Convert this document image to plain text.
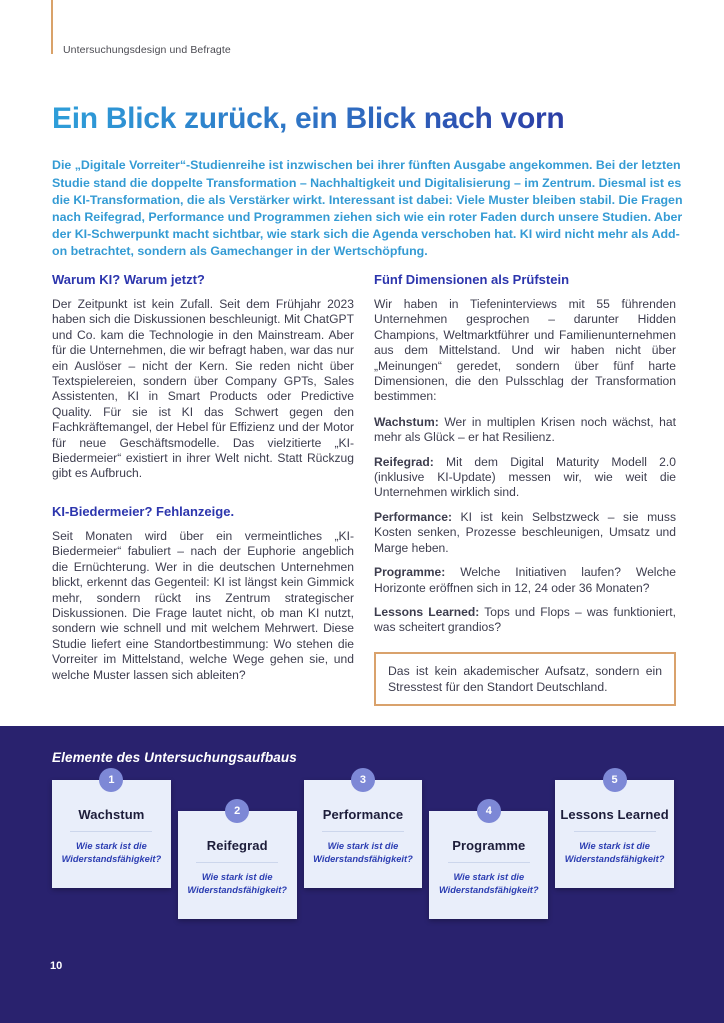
Untersuchungsdesign und Befragte
Ein Blick zurück, ein Blick nach vorn

Die „Digitale Vorreiter“-Studienreihe ist inzwischen bei ihrer fünften Ausgabe angekommen. Bei der letzten Studie stand die doppelte Transformation – Nachhaltigkeit und Digitalisierung – im Zentrum. Diesmal ist es die KI-Transformation, die als Verstärker wirkt. Interessant ist dabei: Viele Muster bleiben stabil. Die Fragen nach Reifegrad, Performance und Programmen ziehen sich wie ein roter Faden durch unsere Studien. Aber der KI-Schwerpunkt macht sichtbar, wie stark sich die Agenda verschoben hat. KI wird nicht mehr als Add-on betrachtet, sondern als Gamechanger in der Wertschöpfung.

Warum KI? Warum jetzt?

Der Zeitpunkt ist kein Zufall. Seit dem Frühjahr 2023 haben sich die Diskussionen beschleunigt. Mit ChatGPT und Co. kam die Technologie in den Mainstream. Aber für die Unternehmen, die wir befragt haben, war das nur ein Auslöser – nicht der Kern. Sie reden nicht über Textspielereien, sondern über Company GPTs, Sales Assistenten, KI in Smart Products oder Predictive Quality. Für sie ist KI das Schwert gegen den Fachkräftemangel, der Hebel für Effizienz und der Motor für neue Geschäftsmodelle. Das vielzitierte „KI-Biedermeier“ existiert in ihrer Welt nicht. Statt Rückzug gibt es Aufbruch.

KI-Biedermeier? Fehlanzeige.

Seit Monaten wird über ein vermeintliches „KI-Biedermeier“ fabuliert – nach der Euphorie angeblich die Ernüchterung. Wer in die deutschen Unternehmen blickt, erkennt das Gegenteil: KI ist längst kein Gimmick mehr, sondern rückt ins Zentrum strategischer Diskussionen. Die Frage lautet nicht, ob man KI nutzt, sondern wie schnell und mit welchem Mehrwert. Diese Studie liefert eine Standortbestimmung: Wo stehen die Vorreiter im Mittelstand, welche Wege gehen sie, und welche Muster lassen sich ableiten?

Fünf Dimensionen als Prüfstein

Wir haben in Tiefeninterviews mit 55 führenden Unternehmen gesprochen – darunter Hidden Champions, Weltmarktführer und Familienunternehmen aus dem Mittelstand. Und wir haben nicht über „Meinungen“ geredet, sondern über fünf harte Dimensionen, die den Pulsschlag der Transformation bestimmen:

Wachstum: Wer in multiplen Krisen noch wächst, hat mehr als Glück – er hat Resilienz.

Reifegrad: Mit dem Digital Maturity Modell 2.0 (inklusive KI-Update) messen wir, wie weit die Unternehmen wirklich sind.

Performance: KI ist kein Selbstzweck – sie muss Kosten senken, Prozesse beschleunigen, Umsatz und Marge heben.

Programme: Welche Initiativen laufen? Welche Horizonte eröffnen sich in 12, 24 oder 36 Monaten?

Lessons Learned: Tops und Flops – was funktioniert, was scheitert grandios?

Das ist kein akademischer Aufsatz, sondern ein Stresstest für den Standort Deutschland.
Elemente des Untersuchungsaufbaus
1
Wachstum
Wie stark ist die Widerstandsfähigkeit?
2
Reifegrad
Wie stark ist die Widerstandsfähigkeit?
3
Performance
Wie stark ist die Widerstandsfähigkeit?
4
Programme
Wie stark ist die Widerstandsfähigkeit?
5
Lessons Learned
Wie stark ist die Widerstandsfähigkeit?
10
